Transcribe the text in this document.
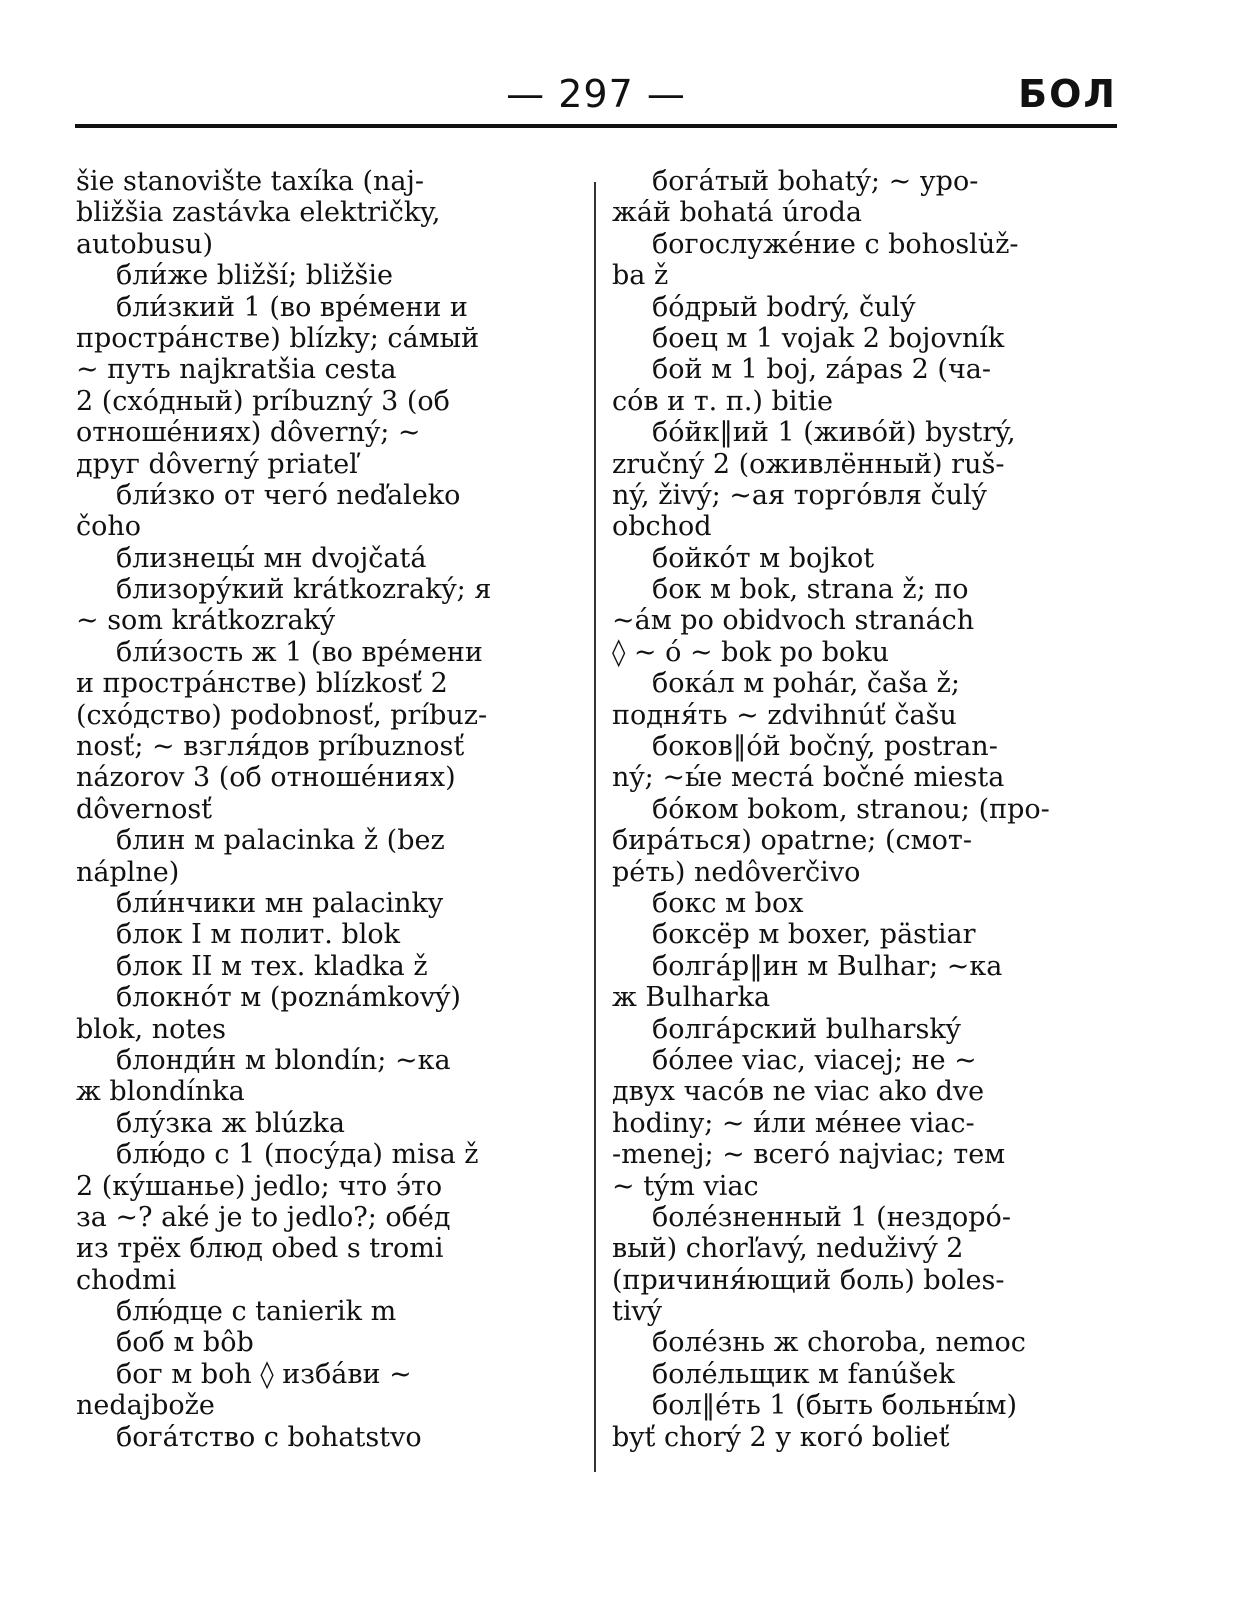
— 297 —	БОЛ
šie stanovište taxíka (naj-
bližšia zastávka električky,
autobusu)
бли́же bližší; bližšie
бли́зкий 1 (во вре́мени и
простра́нстве) blízky; са́мый
~ путь najkratšia cesta
2 (схо́дный) príbuzný 3 (об
отноше́ниях) dôverný; ~
друг dôverný priateľ
бли́зко от чего́ neďaleko
čoho
близнецы́ мн dvojčatá
близору́кий krátkozraký; я
~ som krátkozraký
бли́зость ж 1 (во вре́мени
и простра́нстве) blízkosť 2
(схо́дство) podobnosť, príbuz-
nosť; ~ взгля́дов príbuznosť
názorov 3 (об отноше́ниях)
dôvernosť
блин м palacinka ž (bez
náplne)
бли́нчики мн palacinky
блок I м полит. blok
блок II м тех. kladka ž
блокно́т м (poznámkový)
blok, notes
блонди́н м blondín; ~ка
ж blondínka
блу́зка ж blúzka
блю́до с 1 (посу́да) misa ž
2 (ку́шанье) jedlo; что э́то
за ~? aké je to jedlo?; обе́д
из трёх блюд obed s tromi
chodmi
блю́дце с tanierik m
боб м bôb
бог м boh ◊ изба́ви ~
nedajbože
бога́тство с bohatstvo
бога́тый bohatý; ~ уро-
жа́й bohatá úroda
богослуже́ние с bohoslu̇ž-
ba ž
бо́дрый bodrý, čulý
боец м 1 vojak 2 bojovník
бой м 1 boj, zápas 2 (ча-
со́в и т. п.) bitie
бо́йк‖ий 1 (живо́й) bystrý,
zručný 2 (оживлённый) ruš-
ný, živý; ~ая торго́вля čulý
obchod
бойко́т м bojkot
бок м bok, strana ž; по
~а́м po obidvoch stranách
◊ ~ о́ ~ bok po boku
бока́л м pohár, čaša ž;
подня́ть ~ zdvihnúť čašu
боков‖о́й bočný, postran-
ný; ~ы́е места́ bočné miesta
бо́ком bokom, stranou; (про-
бира́ться) opatrne; (смот-
ре́ть) nedôverčivo
бокс м box
боксёр м boxer, pästiar
болга́р‖ин м Bulhar; ~ка
ж Bulharka
болга́рский bulharský
бо́лее viac, viacej; не ~
двух часо́в ne viac ako dve
hodiny; ~ и́ли ме́нее viac-
-menej; ~ всего́ najviac; тем
~ tým viac
боле́зненный 1 (нездоро́-
вый) chorľavý, neduživý 2
(причиня́ющий боль) boles-
tivý
боле́знь ж choroba, nemoc
боле́льщик м fanúšek
бол‖е́ть 1 (быть больны́м)
byť chorý 2 у кого́ bolieť
